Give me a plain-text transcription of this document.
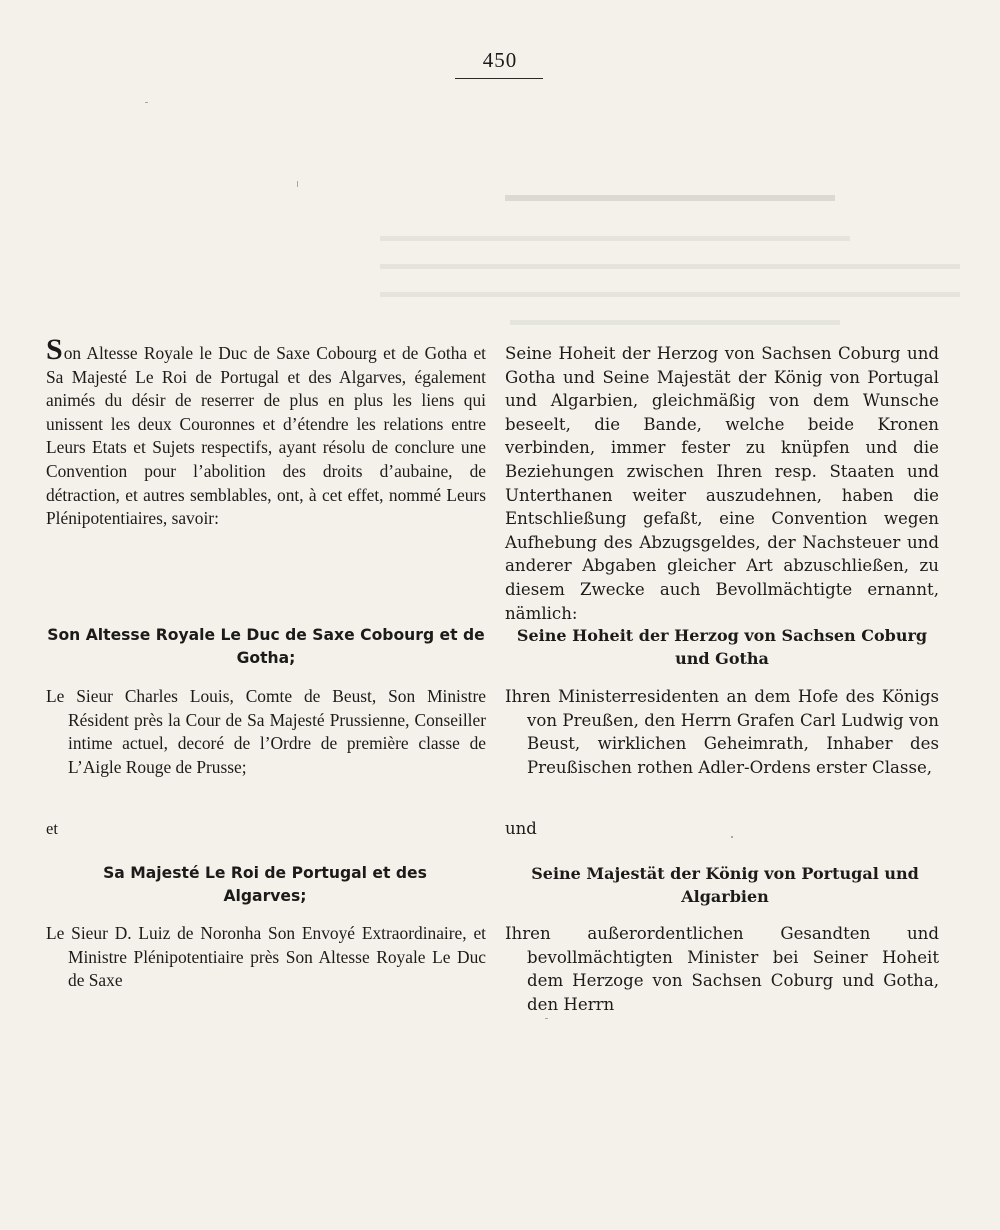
450

Son Altesse Royale le Duc de Saxe Cobourg et de Gotha et Sa Majesté Le Roi de Portugal et des Algarves, également animés du désir de reserrer de plus en plus les liens qui unissent les deux Couronnes et d’étendre les relations entre Leurs Etats et Sujets respectifs, ayant résolu de conclure une Convention pour l’abolition des droits d’aubaine, de détraction, et autres semblables, ont, à cet effet, nommé Leurs Plénipotentiaires, savoir:

Son Altesse Royale Le Duc de Saxe Cobourg et de Gotha;

Le Sieur Charles Louis, Comte de Beust, Son Ministre Résident près la Cour de Sa Majesté Prussienne, Conseiller intime actuel, decoré de l’Ordre de première classe de L’Aigle Rouge de Prusse;

et

Sa Majesté Le Roi de Portugal et des Algarves;

Le Sieur D. Luiz de Noronha Son Envoyé Extraordinaire, et Ministre Plénipotentiaire près Son Altesse Royale Le Duc de Saxe

Seine Hoheit der Herzog von Sachsen Coburg und Gotha und Seine Majestät der König von Portugal und Algarbien, gleichmäßig von dem Wunsche beseelt, die Bande, welche beide Kronen verbinden, immer fester zu knüpfen und die Beziehungen zwischen Ihren resp. Staaten und Unterthanen weiter auszudehnen, haben die Entschließung gefaßt, eine Convention wegen Aufhebung des Abzugsgeldes, der Nachsteuer und anderer Abgaben gleicher Art abzuschließen, zu diesem Zwecke auch Bevollmächtigte ernannt, nämlich:

Seine Hoheit der Herzog von Sachsen Coburg und Gotha

Ihren Ministerresidenten an dem Hofe des Königs von Preußen, den Herrn Grafen Carl Ludwig von Beust, wirklichen Geheimrath, Inhaber des Preußischen rothen Adler-Ordens erster Classe,

und

Seine Majestät der König von Portugal und Algarbien

Ihren außerordentlichen Gesandten und bevollmächtigten Minister bei Seiner Hoheit dem Herzoge von Sachsen Coburg und Gotha, den Herrn
